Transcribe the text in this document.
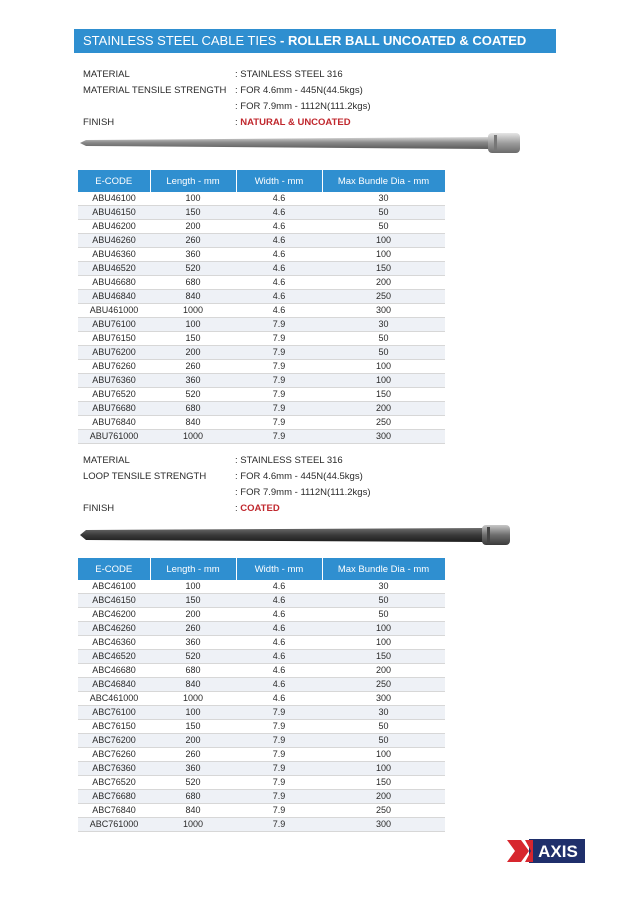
STAINLESS STEEL CABLE TIES - ROLLER BALL UNCOATED & COATED
MATERIAL	: STAINLESS STEEL 316
MATERIAL TENSILE STRENGTH : FOR 4.6mm - 445N(44.5kgs)
: FOR 7.9mm - 1112N(111.2kgs)
FINISH	: NATURAL & UNCOATED
E-CODE	Length - mm	Width - mm	Max Bundle Dia - mm
ABU46100	100	4.6	30
ABU46150	150	4.6	50
ABU46200	200	4.6	50
ABU46260	260	4.6	100
ABU46360	360	4.6	100
ABU46520	520	4.6	150
ABU46680	680	4.6	200
ABU46840	840	4.6	250
ABU461000	1000	4.6	300
ABU76100	100	7.9	30
ABU76150	150	7.9	50
ABU76200	200	7.9	50
ABU76260	260	7.9	100
ABU76360	360	7.9	100
ABU76520	520	7.9	150
ABU76680	680	7.9	200
ABU76840	840	7.9	250
ABU761000	1000	7.9	300
MATERIAL	: STAINLESS STEEL 316
LOOP TENSILE STRENGTH	: FOR 4.6mm - 445N(44.5kgs)
: FOR 7.9mm - 1112N(111.2kgs)
FINISH	: COATED
E-CODE	Length - mm	Width - mm	Max Bundle Dia - mm
ABC46100	100	4.6	30
ABC46150	150	4.6	50
ABC46200	200	4.6	50
ABC46260	260	4.6	100
ABC46360	360	4.6	100
ABC46520	520	4.6	150
ABC46680	680	4.6	200
ABC46840	840	4.6	250
ABC461000	1000	4.6	300
ABC76100	100	7.9	30
ABC76150	150	7.9	50
ABC76200	200	7.9	50
ABC76260	260	7.9	100
ABC76360	360	7.9	100
ABC76520	520	7.9	150
ABC76680	680	7.9	200
ABC76840	840	7.9	250
ABC761000	1000	7.9	300
AXIS
